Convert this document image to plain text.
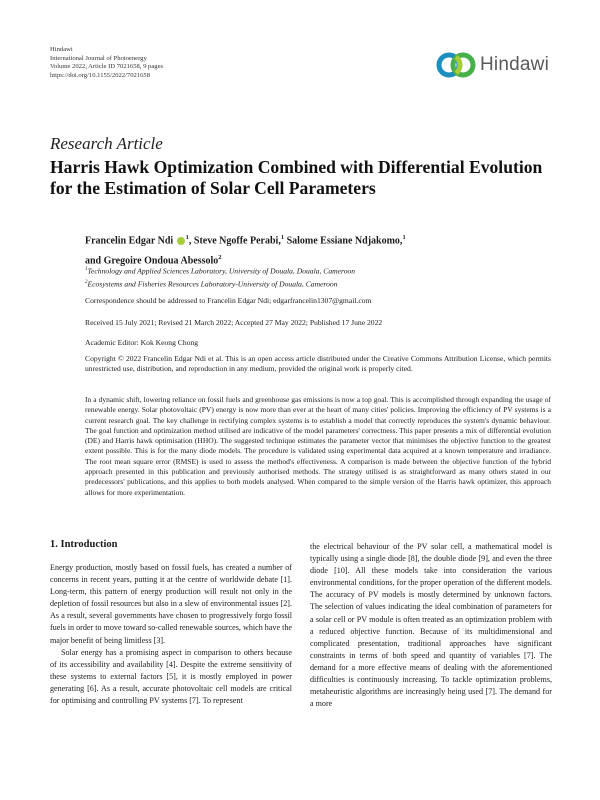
Hindawi
International Journal of Photoenergy
Volume 2022, Article ID 7021658, 9 pages
https://doi.org/10.1155/2022/7021658
Hindawi
Research Article
Harris Hawk Optimization Combined with Differential Evolution for the Estimation of Solar Cell Parameters
Francelin Edgar Ndi $^1$, Steve Ngoffe Perabi,$^1$ Salome Essiane Ndjakomo,$^1$
and Gregoire Ondoua Abessolo$^2$
$^1$Technology and Applied Sciences Laboratory, University of Douala, Douala, Cameroon
$^2$Ecosystems and Fisheries Resources Laboratory-University of Douala, Cameroon
Correspondence should be addressed to Francelin Edgar Ndi; edgarfrancelin1307@gmail.com
Received 15 July 2021; Revised 21 March 2022; Accepted 27 May 2022; Published 17 June 2022
Academic Editor: Kok Keong Chong
Copyright © 2022 Francelin Edgar Ndi et al. This is an open access article distributed under the Creative Commons Attribution License, which permits unrestricted use, distribution, and reproduction in any medium, provided the original work is properly cited.
In a dynamic shift, lowering reliance on fossil fuels and greenhouse gas emissions is now a top goal. This is accomplished through expanding the usage of renewable energy. Solar photovoltaic (PV) energy is now more than ever at the heart of many cities' policies. Improving the efficiency of PV systems is a current research goal. The key challenge in rectifying complex systems is to establish a model that correctly reproduces the system's dynamic behaviour. The goal function and optimization method utilised are indicative of the model parameters' correctness. This paper presents a mix of differential evolution (DE) and Harris hawk optimisation (HHO). The suggested technique estimates the parameter vector that minimises the objective function to the greatest extent possible. This is for the many diode models. The procedure is validated using experimental data acquired at a known temperature and irradiance. The root mean square error (RMSE) is used to assess the method's effectiveness. A comparison is made between the objective function of the hybrid approach presented in this publication and previously authorised methods. The strategy utilised is as straightforward as many others stated in our predecessors' publications, and this applies to both models analysed. When compared to the simple version of the Harris hawk optimizer, this approach allows for more experimentation.
1. Introduction

Energy production, mostly based on fossil fuels, has created a number of concerns in recent years, putting it at the centre of worldwide debate [1]. Long-term, this pattern of energy production will result not only in the depletion of fossil resources but also in a slew of environmental issues [2]. As a result, several governments have chosen to progressively forgo fossil fuels in order to move toward so-called renewable sources, which have the major benefit of being limitless [3].

Solar energy has a promising aspect in comparison to others because of its accessibility and availability [4]. Despite the extreme sensitivity of these systems to external factors [5], it is mostly employed in power generating [6]. As a result, accurate photovoltaic cell models are critical for optimising and controlling PV systems [7]. To represent

the electrical behaviour of the PV solar cell, a mathematical model is typically using a single diode [8], the double diode [9], and even the three diode [10]. All these models take into consideration the various environmental conditions, for the proper operation of the different models. The accuracy of PV models is mostly determined by unknown factors. The selection of values indicating the ideal combination of parameters for a solar cell or PV module is often treated as an optimization problem with a reduced objective function. Because of its multidimensional and complicated presentation, traditional approaches have significant constraints in terms of both speed and quantity of variables [7]. The demand for a more effective means of dealing with the aforementioned difficulties is continuously increasing. To tackle optimization problems, metaheuristic algorithms are increasingly being used [7]. The demand for a more
